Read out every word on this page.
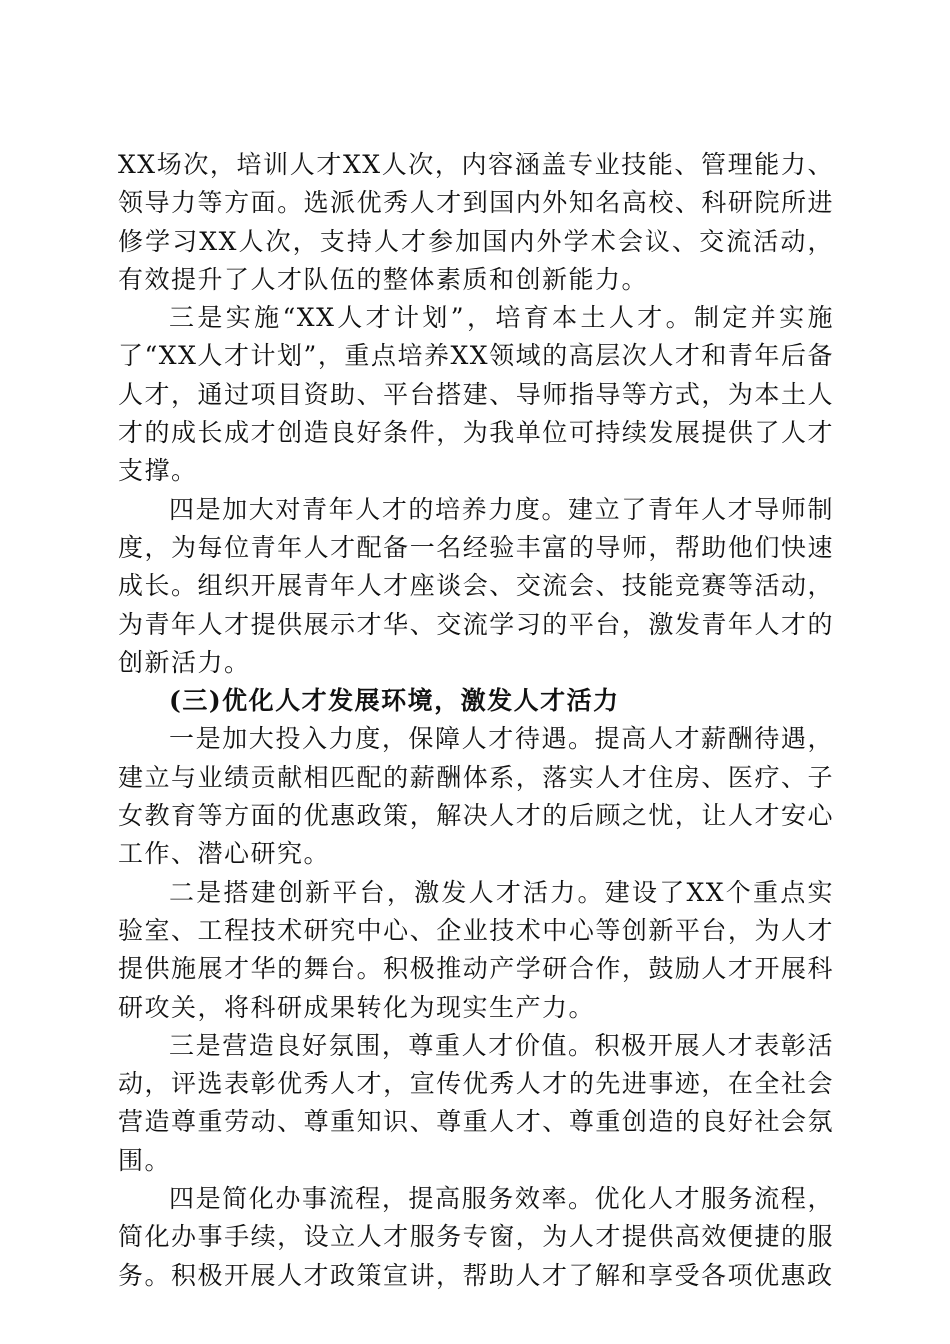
XX场次，培训人才XX人次，内容涵盖专业技能、管理能力、领导力等方面。选派优秀人才到国内外知名高校、科研院所进修学习XX人次，支持人才参加国内外学术会议、交流活动，有效提升了人才队伍的整体素质和创新能力。

三是实施“XX人才计划”，培育本土人才。制定并实施了“XX人才计划”，重点培养XX领域的高层次人才和青年后备人才，通过项目资助、平台搭建、导师指导等方式，为本土人才的成长成才创造良好条件，为我单位可持续发展提供了人才支撑。

四是加大对青年人才的培养力度。建立了青年人才导师制度，为每位青年人才配备一名经验丰富的导师，帮助他们快速成长。组织开展青年人才座谈会、交流会、技能竞赛等活动，为青年人才提供展示才华、交流学习的平台，激发青年人才的创新活力。

(三)优化人才发展环境，激发人才活力

一是加大投入力度，保障人才待遇。提高人才薪酬待遇，建立与业绩贡献相匹配的薪酬体系，落实人才住房、医疗、子女教育等方面的优惠政策，解决人才的后顾之忧，让人才安心工作、潜心研究。

二是搭建创新平台，激发人才活力。建设了XX个重点实验室、工程技术研究中心、企业技术中心等创新平台，为人才提供施展才华的舞台。积极推动产学研合作，鼓励人才开展科研攻关，将科研成果转化为现实生产力。

三是营造良好氛围，尊重人才价值。积极开展人才表彰活动，评选表彰优秀人才，宣传优秀人才的先进事迹，在全社会营造尊重劳动、尊重知识、尊重人才、尊重创造的良好社会氛围。

四是简化办事流程，提高服务效率。优化人才服务流程，简化办事手续，设立人才服务专窗，为人才提供高效便捷的服务。积极开展人才政策宣讲，帮助人才了解和享受各项优惠政
